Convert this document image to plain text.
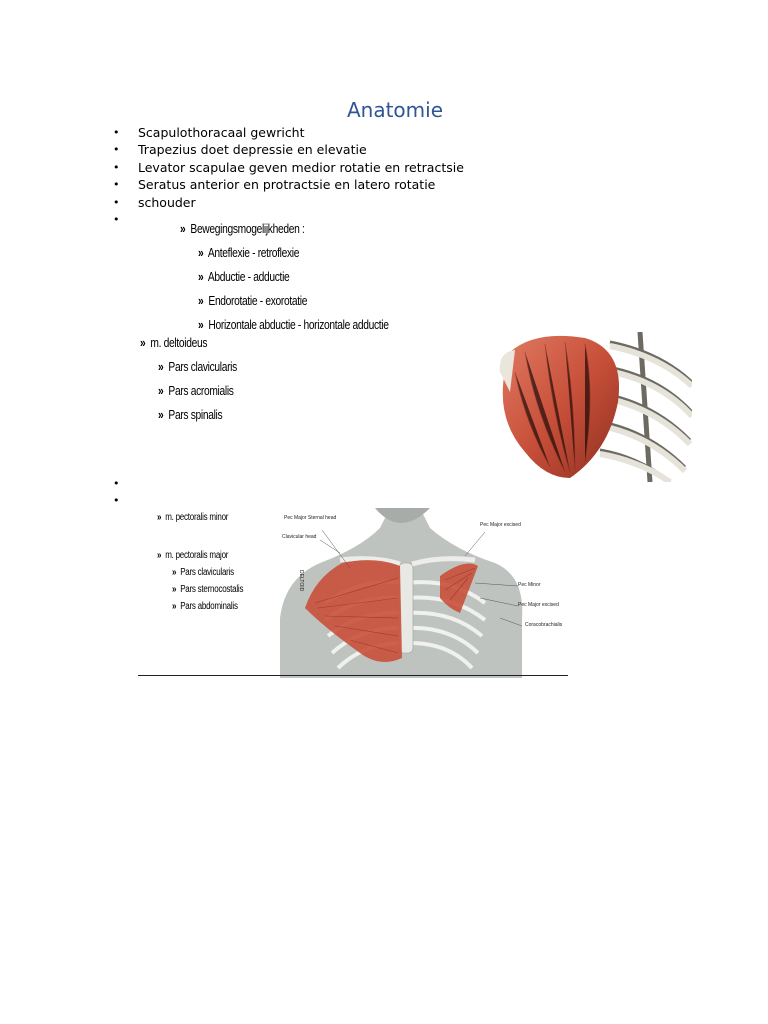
Anatomie
• Scapulothoracaal gewricht
• Trapezius doet depressie en elevatie
• Levator scapulae geven medior rotatie en retractsie
• Seratus anterior en protractsie en latero rotatie
• schouder
•
» Bewegingsmogelijkheden :
» Anteflexie - retroflexie
» Abductie - adductie
» Endorotatie - exorotatie
» Horizontale abductie - horizontale adductie
» m. deltoideus
» Pars clavicularis
» Pars acromialis
» Pars spinalis
•
•
» m. pectoralis minor
» m. pectoralis major
» Pars clavicularis
» Pars sternocostalis
» Pars abdominalis
Pec Major Sternal head
Clavicular head
Pec Major excised
Pec Minor
Pec Major excised
Coracobrachialis
DELTOID
